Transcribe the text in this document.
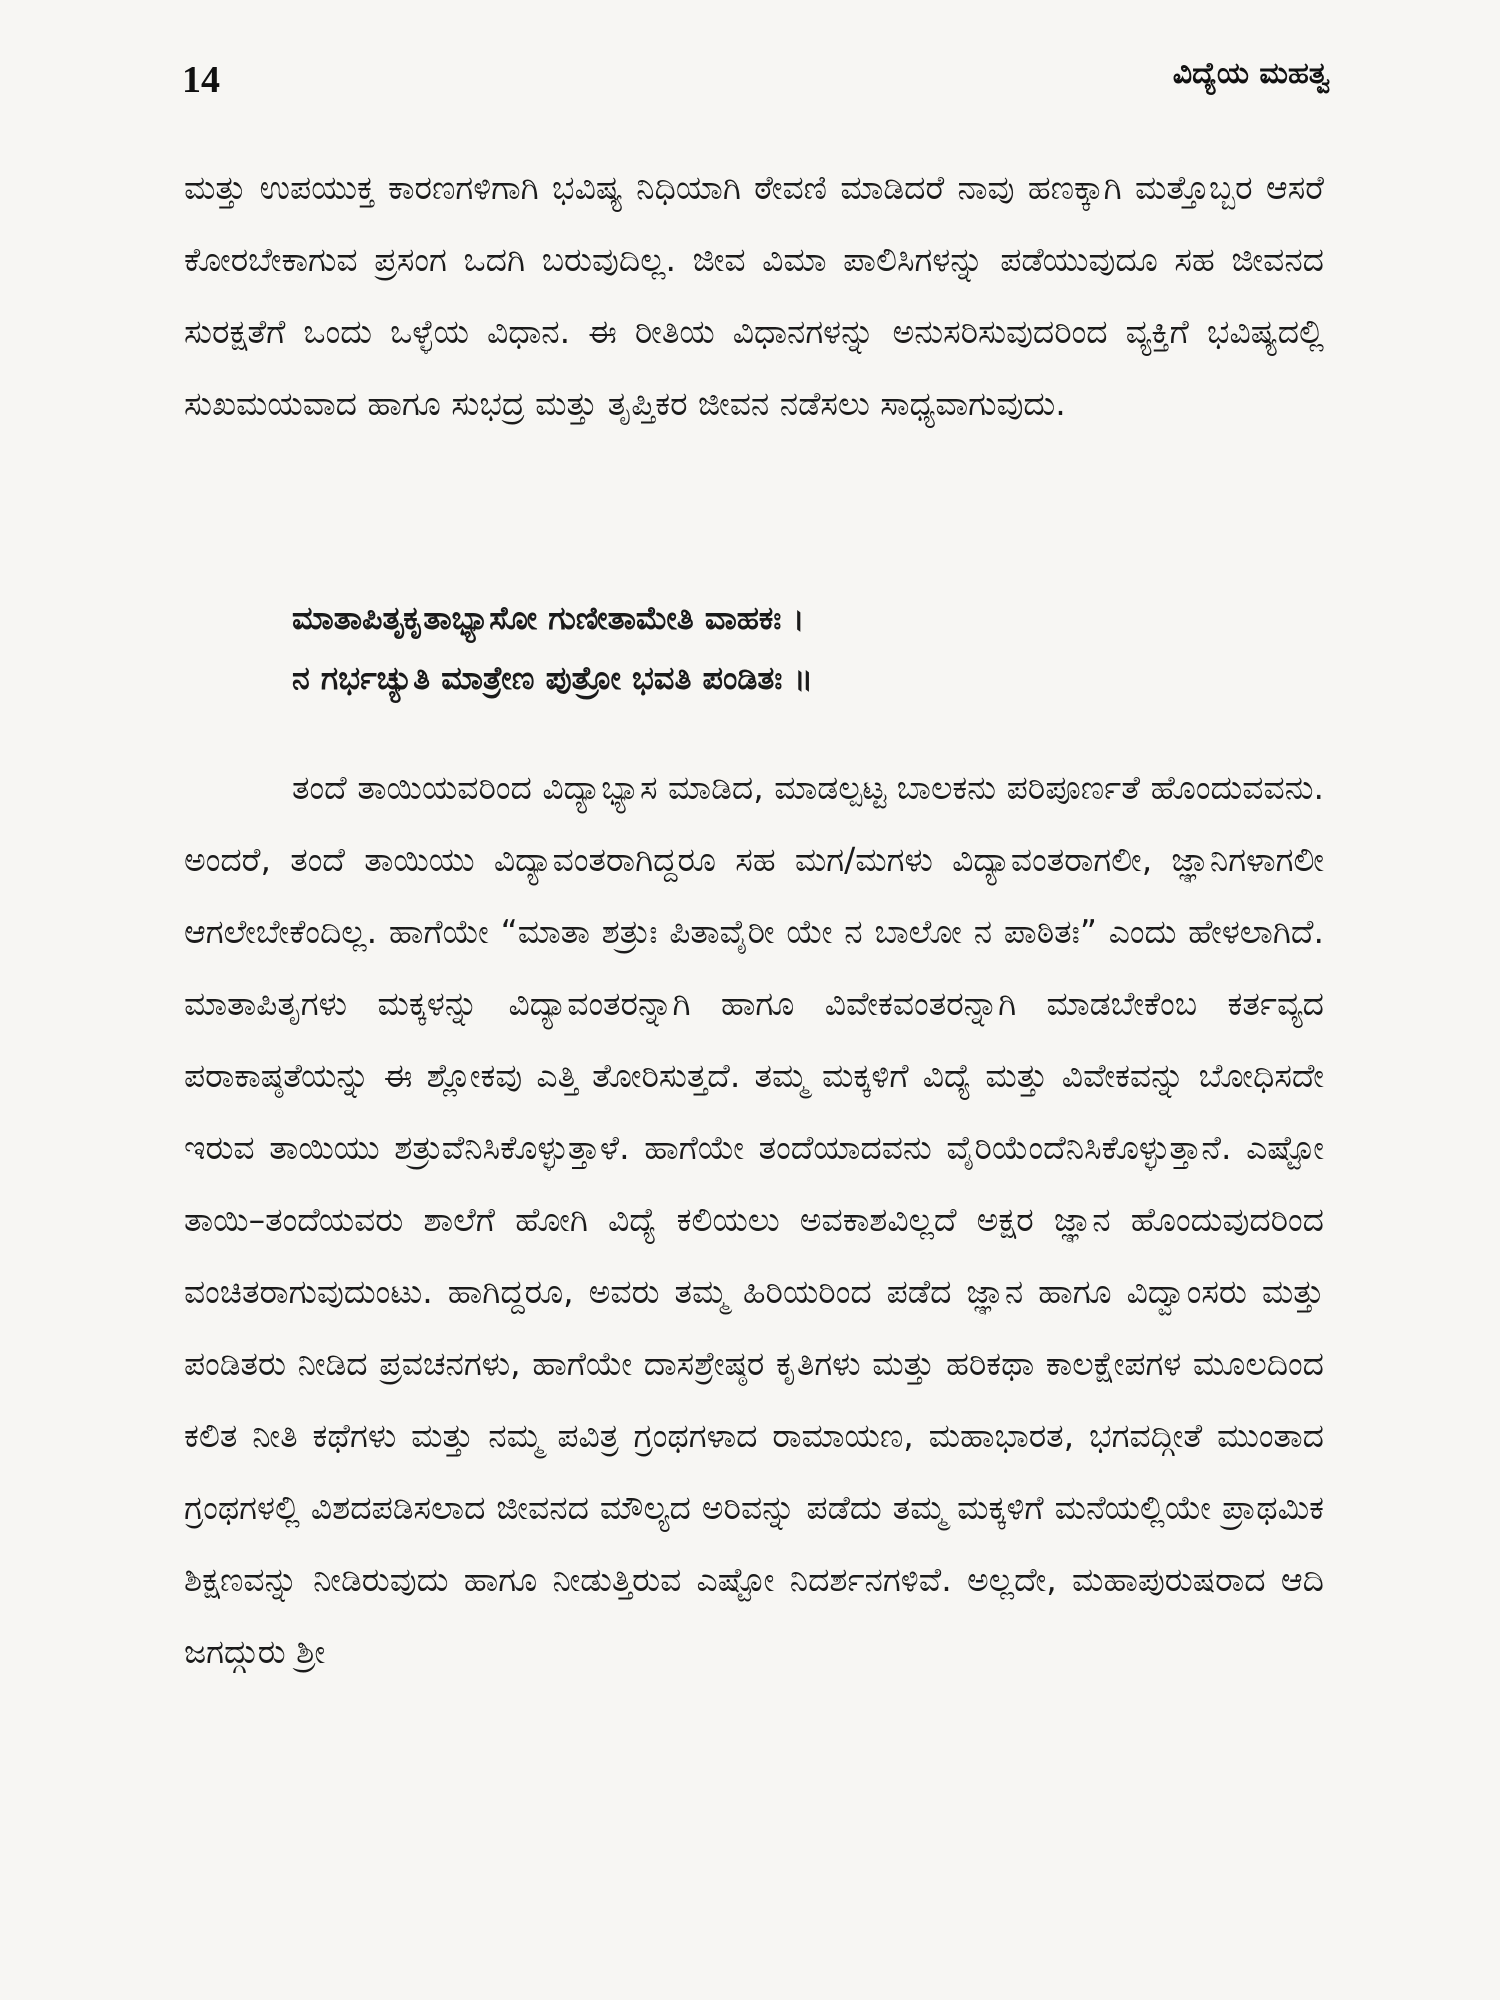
14	ವಿದ್ಯೆಯ ಮಹತ್ವ

ಮತ್ತು ಉಪಯುಕ್ತ ಕಾರಣಗಳಿಗಾಗಿ ಭವಿಷ್ಯ ನಿಧಿಯಾಗಿ ಠೇವಣಿ ಮಾಡಿದರೆ ನಾವು ಹಣಕ್ಕಾಗಿ ಮತ್ತೊಬ್ಬರ ಆಸರೆ ಕೋರಬೇಕಾಗುವ ಪ್ರಸಂಗ ಒದಗಿ ಬರುವುದಿಲ್ಲ. ಜೀವ ವಿಮಾ ಪಾಲಿಸಿಗಳನ್ನು ಪಡೆಯುವುದೂ ಸಹ ಜೀವನದ ಸುರಕ್ಷತೆಗೆ ಒಂದು ಒಳ್ಳೆಯ ವಿಧಾನ. ಈ ರೀತಿಯ ವಿಧಾನಗಳನ್ನು ಅನುಸರಿಸುವುದರಿಂದ ವ್ಯಕ್ತಿಗೆ ಭವಿಷ್ಯದಲ್ಲಿ ಸುಖಮಯವಾದ ಹಾಗೂ ಸುಭದ್ರ ಮತ್ತು ತೃಪ್ತಿಕರ ಜೀವನ ನಡೆಸಲು ಸಾಧ್ಯವಾಗುವುದು.

ಮಾತಾಪಿತೃಕೃತಾಭ್ಯಾಸೋ ಗುಣೀತಾಮೇತಿ ವಾಹಕಃ ।
ನ ಗರ್ಭಚ್ಯುತಿ ಮಾತ್ರೇಣ ಪುತ್ರೋ ಭವತಿ ಪಂಡಿತಃ ॥

ತಂದೆ ತಾಯಿಯವರಿಂದ ವಿದ್ಯಾಭ್ಯಾಸ ಮಾಡಿದ, ಮಾಡಲ್ಪಟ್ಟ ಬಾಲಕನು ಪರಿಪೂರ್ಣತೆ ಹೊಂದುವವನು. ಅಂದರೆ, ತಂದೆ ತಾಯಿಯು ವಿದ್ಯಾವಂತರಾಗಿದ್ದರೂ ಸಹ ಮಗ/ಮಗಳು ವಿದ್ಯಾವಂತರಾಗಲೀ, ಜ್ಞಾನಿಗಳಾಗಲೀ ಆಗಲೇಬೇಕೆಂದಿಲ್ಲ. ಹಾಗೆಯೇ “ಮಾತಾ ಶತ್ರುಃ ಪಿತಾವೈರೀ ಯೇ ನ ಬಾಲೋ ನ ಪಾಠಿತಃ” ಎಂದು ಹೇಳಲಾಗಿದೆ. ಮಾತಾಪಿತೃಗಳು ಮಕ್ಕಳನ್ನು ವಿದ್ಯಾವಂತರನ್ನಾಗಿ ಹಾಗೂ ವಿವೇಕವಂತರನ್ನಾಗಿ ಮಾಡಬೇಕೆಂಬ ಕರ್ತವ್ಯದ ಪರಾಕಾಷ್ಠತೆಯನ್ನು ಈ ಶ್ಲೋಕವು ಎತ್ತಿ ತೋರಿಸುತ್ತದೆ. ತಮ್ಮ ಮಕ್ಕಳಿಗೆ ವಿದ್ಯೆ ಮತ್ತು ವಿವೇಕವನ್ನು ಬೋಧಿಸದೇ ಇರುವ ತಾಯಿಯು ಶತ್ರುವೆನಿಸಿಕೊಳ್ಳುತ್ತಾಳೆ. ಹಾಗೆಯೇ ತಂದೆಯಾದವನು ವೈರಿಯೆಂದೆನಿಸಿಕೊಳ್ಳುತ್ತಾನೆ. ಎಷ್ಟೋ ತಾಯಿ–ತಂದೆಯವರು ಶಾಲೆಗೆ ಹೋಗಿ ವಿದ್ಯೆ ಕಲಿಯಲು ಅವಕಾಶವಿಲ್ಲದೆ ಅಕ್ಷರ ಜ್ಞಾನ ಹೊಂದುವುದರಿಂದ ವಂಚಿತರಾಗುವುದುಂಟು. ಹಾಗಿದ್ದರೂ, ಅವರು ತಮ್ಮ ಹಿರಿಯರಿಂದ ಪಡೆದ ಜ್ಞಾನ ಹಾಗೂ ವಿದ್ವಾಂಸರು ಮತ್ತು ಪಂಡಿತರು ನೀಡಿದ ಪ್ರವಚನಗಳು, ಹಾಗೆಯೇ ದಾಸಶ್ರೇಷ್ಠರ ಕೃತಿಗಳು ಮತ್ತು ಹರಿಕಥಾ ಕಾಲಕ್ಷೇಪಗಳ ಮೂಲದಿಂದ ಕಲಿತ ನೀತಿ ಕಥೆಗಳು ಮತ್ತು ನಮ್ಮ ಪವಿತ್ರ ಗ್ರಂಥಗಳಾದ ರಾಮಾಯಣ, ಮಹಾಭಾರತ, ಭಗವದ್ಗೀತೆ ಮುಂತಾದ ಗ್ರಂಥಗಳಲ್ಲಿ ವಿಶದಪಡಿಸಲಾದ ಜೀವನದ ಮೌಲ್ಯದ ಅರಿವನ್ನು ಪಡೆದು ತಮ್ಮ ಮಕ್ಕಳಿಗೆ ಮನೆಯಲ್ಲಿಯೇ ಪ್ರಾಥಮಿಕ ಶಿಕ್ಷಣವನ್ನು ನೀಡಿರುವುದು ಹಾಗೂ ನೀಡುತ್ತಿರುವ ಎಷ್ಟೋ ನಿದರ್ಶನಗಳಿವೆ. ಅಲ್ಲದೇ, ಮಹಾಪುರುಷರಾದ ಆದಿ ಜಗದ್ಗುರು ಶ್ರೀ
